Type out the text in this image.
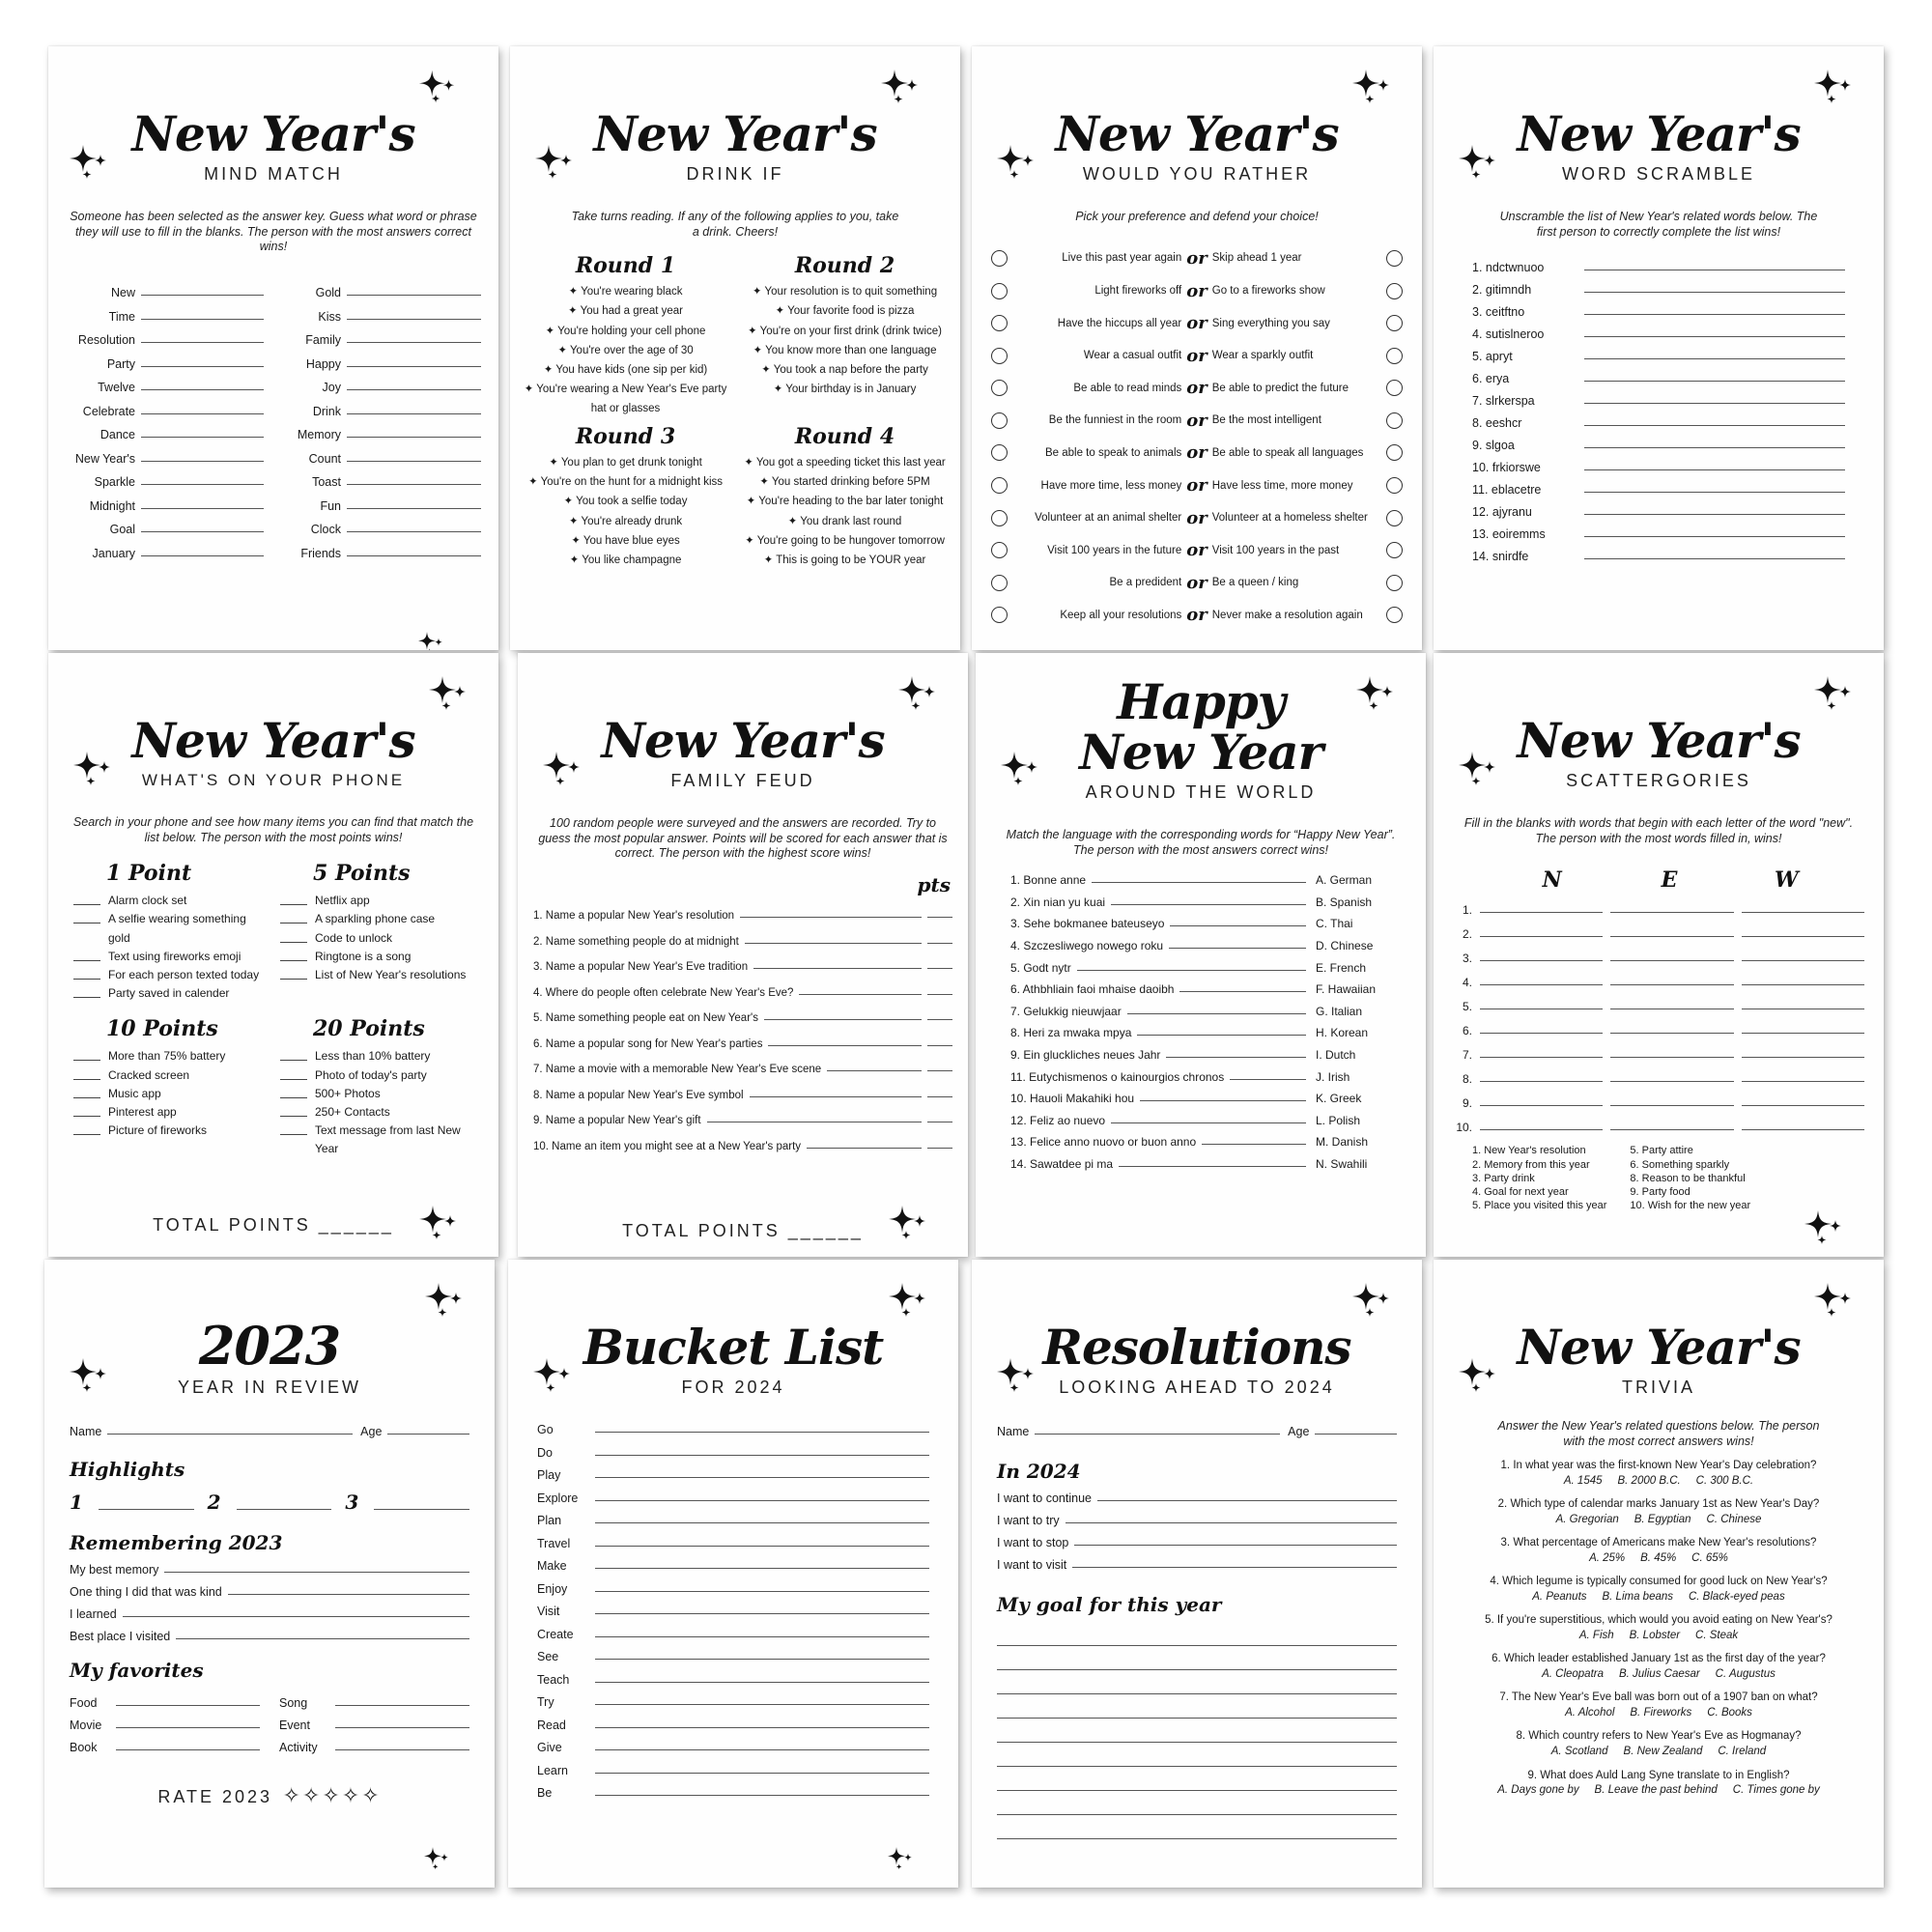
New Year's
MIND MATCH
Someone has been selected as the answer key. Guess what word or phrase they will use to fill in the blanks. The person with the most answers correct wins!
New
Time
Resolution
Party
Twelve
Celebrate
Dance
New Year's
Sparkle
Midnight
Goal
January
Gold
Kiss
Family
Happy
Joy
Drink
Memory
Count
Toast
Fun
Clock
Friends
New Year's
DRINK IF
Take turns reading. If any of the following applies to you, take a drink. Cheers!
Round 1
✦ You're wearing black
✦ You had a great year
✦ You're holding your cell phone
✦ You're over the age of 30
✦ You have kids (one sip per kid)
✦ You're wearing a New Year's Eve party hat or glasses
Round 2
✦ Your resolution is to quit something
✦ Your favorite food is pizza
✦ You're on your first drink (drink twice)
✦ You know more than one language
✦ You took a nap before the party
✦ Your birthday is in January
Round 3
✦ You plan to get drunk tonight
✦ You're on the hunt for a midnight kiss
✦ You took a selfie today
✦ You're already drunk
✦ You have blue eyes
✦ You like champagne
Round 4
✦ You got a speeding ticket this last year
✦ You started drinking before 5PM
✦ You're heading to the bar later tonight
✦ You drank last round
✦ You're going to be hungover tomorrow
✦ This is going to be YOUR year
New Year's
WOULD YOU RATHER
Pick your preference and defend your choice!
Live this past year again or Skip ahead 1 year
Light fireworks off or Go to a fireworks show
Have the hiccups all year or Sing everything you say
Wear a casual outfit or Wear a sparkly outfit
Be able to read minds or Be able to predict the future
Be the funniest in the room or Be the most intelligent
Be able to speak to animals or Be able to speak all languages
Have more time, less money or Have less time, more money
Volunteer at an animal shelter or Volunteer at a homeless shelter
Visit 100 years in the future or Visit 100 years in the past
Be a predident or Be a queen / king
Keep all your resolutions or Never make a resolution again
New Year's
WORD SCRAMBLE
Unscramble the list of New Year's related words below. The first person to correctly complete the list wins!
1. ndctwnuoo
2. gitimndh
3. ceitftno
4. sutislneroo
5. apryt
6. erya
7. slrkerspa
8. eeshcr
9. slgoa
10. frkiorswe
11. eblacetre
12. ajyranu
13. eoiremms
14. snirdfe
New Year's
WHAT'S ON YOUR PHONE
Search in your phone and see how many items you can find that match the list below. The person with the most points wins!
1 Point
Alarm clock set
A selfie wearing something gold
Text using fireworks emoji
For each person texted today
Party saved in calender
5 Points
Netflix app
A sparkling phone case
Code to unlock
Ringtone is a song
List of New Year's resolutions
10 Points
More than 75% battery
Cracked screen
Music app
Pinterest app
Picture of fireworks
20 Points
Less than 10% battery
Photo of today's party
500+ Photos
250+ Contacts
Text message from last New Year
TOTAL POINTS ______
New Year's
FAMILY FEUD
100 random people were surveyed and the answers are recorded. Try to guess the most popular answer. Points will be scored for each answer that is correct. The person with the highest score wins!
pts
1. Name a popular New Year's resolution
2. Name something people do at midnight
3. Name a popular New Year's Eve tradition
4. Where do people often celebrate New Year's Eve?
5. Name something people eat on New Year's
6. Name a popular song for New Year's parties
7. Name a movie with a memorable New Year's Eve scene
8. Name a popular New Year's Eve symbol
9. Name a popular New Year's gift
10. Name an item you might see at a New Year's party
TOTAL POINTS ______
Happy
New Year
AROUND THE WORLD
Match the language with the corresponding words for “Happy New Year”. The person with the most answers correct wins!
1. Bonne anne	A. German
2. Xin nian yu kuai	B. Spanish
3. Sehe bokmanee bateuseyo	C. Thai
4. Szczesliwego nowego roku	D. Chinese
5. Godt nytr	E. French
6. Athbhliain faoi mhaise daoibh	F. Hawaiian
7. Gelukkig nieuwjaar	G. Italian
8. Heri za mwaka mpya	H. Korean
9. Ein gluckliches neues Jahr	I. Dutch
11. Eutychismenos o kainourgios chronos	J. Irish
10. Hauoli Makahiki hou	K. Greek
12. Feliz ao nuevo	L. Polish
13. Felice anno nuovo or buon anno	M. Danish
14. Sawatdee pi ma	N. Swahili
New Year's
SCATTERGORIES
Fill in the blanks with words that begin with each letter of the word "new". The person with the most words filled in, wins!
N	E	W
1.
2.
3.
4.
5.
6.
7.
8.
9.
10.
1. New Year's resolution
2. Memory from this year
3. Party drink
4. Goal for next year
5. Place you visited this year
5. Party attire
6. Something sparkly
8. Reason to be thankful
9. Party food
10. Wish for the new year
2023
YEAR IN REVIEW
Name	Age
Highlights
1	2	3
Remembering 2023
My best memory
One thing I did that was kind
I learned
Best place I visited
My favorites
Food
Movie
Book
Song
Event
Activity
RATE 2023 ✧✧✧✧✧
Bucket List
FOR 2024
Go
Do
Play
Explore
Plan
Travel
Make
Enjoy
Visit
Create
See
Teach
Try
Read
Give
Learn
Be
Resolutions
LOOKING AHEAD TO 2024
Name	Age
In 2024
I want to continue
I want to try
I want to stop
I want to visit
My goal for this year
New Year's
TRIVIA
Answer the New Year's related questions below. The person with the most correct answers wins!
1. In what year was the first-known New Year's Day celebration?
A. 1545     B. 2000 B.C.     C. 300 B.C.
2. Which type of calendar marks January 1st as New Year's Day?
A. Gregorian     B. Egyptian     C. Chinese
3. What percentage of Americans make New Year's resolutions?
A. 25%     B. 45%     C. 65%
4. Which legume is typically consumed for good luck on New Year's?
A. Peanuts     B. Lima beans     C. Black-eyed peas
5. If you're superstitious, which would you avoid eating on New Year's?
A. Fish     B. Lobster     C. Steak
6. Which leader established January 1st as the first day of the year?
A. Cleopatra     B. Julius Caesar     C. Augustus
7. The New Year's Eve ball was born out of a 1907 ban on what?
A. Alcohol     B. Fireworks     C. Books
8. Which country refers to New Year's Eve as Hogmanay?
A. Scotland     B. New Zealand     C. Ireland
9. What does Auld Lang Syne translate to in English?
A. Days gone by     B. Leave the past behind     C. Times gone by
